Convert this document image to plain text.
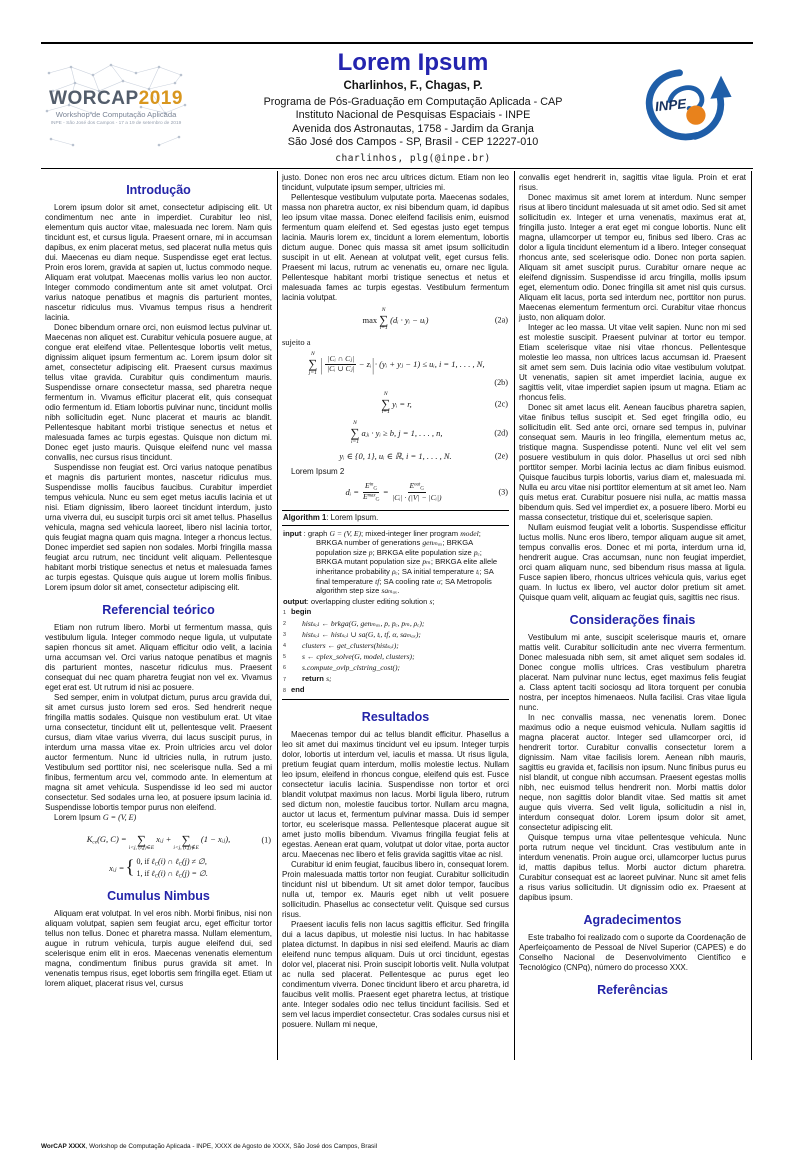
WORCAP2019
Workshop de Computação Aplicada
INPE - São José dos Campos - 17 a 19 de setembro de 2019
Lorem Ipsum
Charlinhos, F., Chagas, P.
Programa de Pós-Graduação em Computação Aplicada - CAP
Instituto Nacional de Pesquisas Espaciais - INPE
Avenida dos Astronautas, 1758 - Jardim da Granja
São José dos Campos - SP, Brasil - CEP 12227-010
charlinhos, plg(@inpe.br)
INPE
Introdução

Lorem ipsum dolor sit amet, consectetur adipiscing elit. Ut condimentum nec ante in imperdiet. Curabitur leo nisl, elementum quis auctor vitae, malesuada nec lorem. Nam quis tincidunt est, et cursus ligula. Praesent ornare, mi in accumsan dapibus, ex enim placerat metus, sed placerat nulla metus quis dui. Maecenas eu diam neque. Suspendisse eget erat lectus. Proin eros lorem, gravida at sapien ut, luctus commodo neque. Aliquam erat volutpat. Maecenas mollis varius leo non auctor. Integer commodo condimentum ante sit amet volutpat. Orci varius natoque penatibus et magnis dis parturient montes, nascetur ridiculus mus. Vivamus tempus risus a hendrerit lacinia.

Donec bibendum ornare orci, non euismod lectus pulvinar ut. Maecenas non aliquet est. Curabitur vehicula posuere augue, at congue erat eleifend vitae. Pellentesque lobortis velit metus, dignissim aliquet ipsum fermentum ac. Lorem ipsum dolor sit amet, consectetur adipiscing elit. Praesent cursus maximus tellus vitae gravida. Curabitur quis condimentum mauris. Suspendisse ornare consectetur massa, sed pharetra neque fermentum in. Vivamus efficitur placerat elit, quis consequat odio fermentum id. Etiam lobortis pulvinar nunc, tincidunt mollis nibh sollicitudin eget. Nunc placerat et mauris ac blandit. Pellentesque habitant morbi tristique senectus et netus et malesuada fames ac turpis egestas. Quisque non dictum mi. Donec eget justo mauris. Quisque eleifend nunc vel massa convallis, nec cursus risus tincidunt.

Suspendisse non feugiat est. Orci varius natoque penatibus et magnis dis parturient montes, nascetur ridiculus mus. Suspendisse mollis faucibus faucibus. Curabitur imperdiet tempus vehicula. Nunc eu sem eget metus iaculis lacinia et ut nisi. Etiam dignissim, libero laoreet tincidunt interdum, justo urna viverra dui, eu suscipit turpis orci sit amet tellus. Phasellus vehicula, magna sed vehicula laoreet, libero nisl lacinia tortor, quis feugiat magna quam quis magna. Integer a rhoncus lectus. Donec imperdiet sed sapien non sodales. Morbi fringilla massa feugiat arcu rutrum, nec tincidunt velit aliquam. Pellentesque habitant morbi tristique senectus et netus et malesuada fames ac turpis egestas. Quisque quis augue ut lorem mollis finibus. Lorem ipsum dolor sit amet, consectetur adipiscing elit.

Referencial teórico

Etiam non rutrum libero. Morbi ut fermentum massa, quis vestibulum ligula. Integer commodo neque ligula, ut vulputate sapien rhoncus sit amet. Aliquam efficitur odio velit, a lacinia urna accumsan vel. Orci varius natoque penatibus et magnis dis parturient montes, nascetur ridiculus mus. Praesent consequat dui nec quam pharetra feugiat non vel ex. Vivamus eget erat est. Ut rutrum id nisi ac posuere.

Sed semper, enim in volutpat dictum, purus arcu gravida dui, sit amet cursus justo lorem sed eros. Sed hendrerit neque fringilla mattis sodales. Quisque non vestibulum erat. Ut vitae urna consectetur, tincidunt elit ut, pellentesque velit. Praesent cursus, diam vitae varius viverra, dui lacus suscipit purus, in interdum urna massa vitae ex. Proin ultricies arcu vel dolor auctor fermentum. Nunc id ultricies nulla, in rutrum justo. Vestibulum sed porttitor nisi, nec scelerisque nulla. Sed a mi finibus, fermentum arcu vel, commodo ante. In elementum at magna sit amet vehicula. Suspendisse id leo sed mi auctor consectetur. Sed sodales urna leo, at posuere ipsum lacinia id. Suspendisse lobortis tempor purus non eleifend.

Lorem Ipsum G = (V, E)

Kce(G, C) = ∑
i<j, (i,j)∈E
xᵢⱼ + ∑
i<j, (i,j)∉E
(1 − xᵢⱼ),	(1)
xᵢⱼ = { 0, if ℓC(i) ∩ ℓC(j) ≠ ∅,
1, if ℓC(i) ∩ ℓC(j) = ∅.
Cumulus Nimbus

Aliquam erat volutpat. In vel eros nibh. Morbi finibus, nisi non aliquam volutpat, sapien sem feugiat arcu, eget efficitur tortor tellus non tellus. Donec et pharetra massa. Nullam elementum, augue in rutrum vehicula, turpis augue eleifend dui, sed scelerisque enim elit in eros. Maecenas venenatis elementum magna, condimentum finibus purus gravida sit amet. In venenatis tempus risus, eget lobortis sem fringilla eget. Etiam ut lorem aliquet, placerat risus vel, cursus

justo. Donec non eros nec arcu ultrices dictum. Etiam non leo tincidunt, vulputate ipsum semper, ultricies mi.

Pellentesque vestibulum vulputate porta. Maecenas sodales, massa non pharetra auctor, ex nisi bibendum quam, id dapibus leo ipsum vitae massa. Donec eleifend facilisis enim, euismod fermentum quam eleifend et. Sed egestas justo eget tempus lacinia. Mauris lorem ex, tincidunt a lorem elementum, lobortis dictum augue. Donec quis massa sit amet ipsum sollicitudin suscipit in ut elit. Aenean at volutpat velit, eget cursus felis. Praesent mi lacus, rutrum ac venenatis eu, ornare nec ligula. Pellentesque habitant morbi tristique senectus et netus et malesuada fames ac turpis egestas. Vestibulum fermentum lacinia volutpat.

max
N
∑
i=1
(dᵢ · yᵢ − uᵢ)	(2a)

sujeito a

N
∑
j=1 | $\frac{\text{|Cᵢ ∩ Cⱼ|}}{\text{|Cᵢ ∪ Cⱼ|}}$ − zᵢ | · (yᵢ + yⱼ − 1) ≤ uᵢ, i = 1, . . . , N,
(2b)
N
∑
i=1
yᵢ = r,	(2c)
N
∑
i=1
aⱼᵢ · yᵢ ≥ b, j = 1, . . . , n,	(2d)
yᵢ ∈ {0, 1}, uᵢ ∈ ℝ, i = 1, . . . , N.	(2e)

Lorem Ipsum 2

dᵢ = $\frac{E^{in}Cᵢ}{E^{max}Cᵢ} = \frac{E^{out}Cᵢ}{\text{|Cᵢ| · (|V| − |Cᵢ|)}}$	(3)
Algorithm 1: Lorem Ipsum.
input : graph G = (V, E); mixed-integer liner program model; BRKGA number of generations genₘₐₓ; BRKGA population size p; BRKGA elite population size pₑ; BRKGA mutant population size pₘ; BRKGA elite allele inheritance probability ρₑ; SA initial temperature tᵢ; SA final temperature tf; SA cooling rate α; SA Metropolis algorithm step size saₘₐₓ.
output: overlapping cluster editing solution s;
1 begin
2	histₛₒₗ ← brkga(G, genₘₐₓ, p, pₑ, pₘ, ρₑ);
3	histₛₒₗ ← histₛₒₗ ∪ sa(G, tᵢ, tf, α, saₘₐₓ);
4	clusters ← get_clusters(histₛₒₗ);
5	s ← cplex_solve(G, model, clusters);
6	s.compute_ovlp_clstring_cost();
7	return s;
8 end
Resultados

Maecenas tempor dui ac tellus blandit efficitur. Phasellus a leo sit amet dui maximus tincidunt vel eu ipsum. Integer turpis dolor, lobortis ut interdum vel, iaculis et massa. Ut risus ligula, pretium feugiat quam interdum, mollis molestie lectus. Nullam leo ipsum, eleifend in rhoncus congue, eleifend quis est. Fusce consectetur iaculis lacinia. Suspendisse non tortor et orci blandit volutpat maximus non lacus. Morbi ligula libero, rutrum sed dictum non, molestie faucibus tortor. Nullam arcu magna, auctor ut lacus et, fermentum pulvinar massa. Duis id semper tortor, eu scelerisque massa. Pellentesque placerat augue sit amet justo mollis bibendum. Vivamus fringilla feugiat felis at egestas. Aenean erat quam, volutpat ut dolor vitae, porta auctor arcu. Maecenas nec libero et felis gravida sagittis vitae ac nisl.

Curabitur id enim feugiat, faucibus libero in, consequat lorem. Proin malesuada mattis tortor non feugiat. Curabitur sollicitudin tincidunt nisl ut bibendum. Ut sit amet dolor tempor, faucibus nulla ut, tempor ex. Mauris eget nibh ut velit posuere sollicitudin. Phasellus ac consectetur velit. Quisque sed cursus risus.

Praesent iaculis felis non lacus sagittis efficitur. Sed fringilla dui a lacus dapibus, ut molestie nisi luctus. In hac habitasse platea dictumst. In dapibus in nisi sed eleifend. Mauris ac diam eleifend nunc tempus aliquam. Duis ut orci tincidunt, egestas dolor vel, placerat nisi. Proin suscipit lobortis velit. Nulla volutpat ac nulla sed placerat. Pellentesque ac purus eget leo condimentum viverra. Donec tincidunt libero et arcu pharetra, id faucibus velit mollis. Praesent eget pharetra lectus, at tristique ante. Integer sodales odio nec tellus tincidunt facilisis. Sed et sem vel lacus imperdiet consectetur. Cras sodales cursus nisi et posuere. Nullam mi neque,

convallis eget hendrerit in, sagittis vitae ligula. Proin et erat risus.

Donec maximus sit amet lorem at interdum. Nunc semper risus at libero tincidunt malesuada ut sit amet odio. Sed sit amet sollicitudin ex. Integer et urna venenatis, maximus erat at, fringilla justo. Integer a erat eget mi congue lobortis. Nunc elit magna, ullamcorper ut tempor eu, finibus sed libero. Cras ac dolor a ligula tincidunt elementum id a libero. Integer consequat rhoncus ante, sed scelerisque odio. Donec non porta sapien. Aliquam sit amet suscipit purus. Curabitur ornare neque ac eleifend dignissim. Suspendisse id arcu fringilla, mollis ipsum eget, elementum odio. Donec fringilla sit amet nisl quis cursus. Aliquam elit lacus, porta sed interdum nec, porttitor non purus. Maecenas elementum fermentum orci. Curabitur vitae rhoncus justo, non aliquam dolor.

Integer ac leo massa. Ut vitae velit sapien. Nunc non mi sed est molestie suscipit. Praesent pulvinar at tortor eu tempor. Etiam scelerisque vitae nisi vitae rhoncus. Pellentesque molestie leo massa, non ultrices lacus accumsan id. Praesent sit amet sem sem. Duis lacinia odio vitae vestibulum volutpat. Ut venenatis, sapien sit amet imperdiet lacinia, augue ex sagittis velit, vitae imperdiet sapien ipsum ut magna. Etiam ac rhoncus felis.

Donec sit amet lacus elit. Aenean faucibus pharetra sapien, vitae finibus tellus suscipit et. Sed eget fringilla odio, eu sollicitudin elit. Sed ante orci, ornare sed tempus in, pulvinar consequat sem. Mauris in leo fringilla, elementum metus ac, tristique magna. Suspendisse potenti. Nunc vel elit vel sem posuere vestibulum in quis dolor. Phasellus ut orci sed nibh porttitor semper. Morbi lacinia lectus ac diam finibus euismod. Quisque faucibus turpis lobortis, varius diam et, malesuada mi. Nulla eu arcu vitae nisi porttitor elementum at sit amet leo. Nam quis metus erat. Curabitur posuere nisi nulla, ac mattis massa bibendum quis. Sed vel imperdiet ex, a posuere libero. Morbi eu massa consectetur, tristique dui et, scelerisque sapien.

Nullam euismod feugiat velit a lobortis. Suspendisse efficitur luctus mollis. Nunc eros libero, tempor aliquam augue sit amet, tempus convallis eros. Donec et mi porta, interdum urna id, hendrerit augue. Cras accumsan, nunc non feugiat imperdiet, orci quam aliquam nunc, sed bibendum risus massa at ligula. Fusce sapien libero, rhoncus ultrices vehicula quis, varius eget quam. In luctus ex libero, vel auctor dolor pretium sit amet. Quisque quam velit, aliquam ac feugiat quis, sagittis nec risus.

Considerações finais

Vestibulum mi ante, suscipit scelerisque mauris et, ornare mattis velit. Curabitur sollicitudin ante nec viverra fermentum. Donec malesuada nibh sem, sit amet aliquet sem sodales id. Donec congue mollis ultrices. Cras vestibulum pharetra placerat. Nam pulvinar nunc lectus, eget maximus felis feugiat a. Class aptent taciti sociosqu ad litora torquent per conubia nostra, per inceptos himenaeos. Nulla facilisi. Cras vitae ligula nunc.

In nec convallis massa, nec venenatis lorem. Donec maximus odio a neque euismod vehicula. Nullam sagittis id magna placerat auctor. Integer sed ullamcorper orci, id hendrerit tortor. Curabitur convallis consectetur lorem a dignissim. Nam vitae facilisis lorem. Aenean nibh mauris, sagittis eu gravida et, facilisis non ipsum. Nunc finibus purus eu nisl blandit, ut congue nibh accumsan. Praesent egestas mollis nibh, nec euismod tellus hendrerit non. Morbi mattis dolor neque, non sagittis dolor blandit vitae. Sed mattis sit amet augue quis viverra. Sed velit ligula, sollicitudin a nisl in, interdum consequat dolor. Lorem ipsum dolor sit amet, consectetur adipiscing elit.

Quisque tempus urna vitae pellentesque vehicula. Nunc porta rutrum neque vel tincidunt. Cras vestibulum ante in interdum venenatis. Proin augue orci, ullamcorper luctus purus id, mattis dapibus tellus. Morbi auctor dictum pharetra. Curabitur consequat est ac laoreet pulvinar. Nunc sit amet felis a risus varius sollicitudin. Ut dignissim odio ex. Praesent at dapibus ipsum.

Agradecimentos

Este trabalho foi realizado com o suporte da Coordenação de Aperfeiçoamento de Pessoal de Nível Superior (CAPES) e do Conselho Nacional de Desenvolvimento Científico e Tecnológico (CNPq), número do processo XXX.

Referências
WorCAP XXXX, Workshop de Computação Aplicada - INPE, XXXX de Agosto de XXXX, São José dos Campos, Brasil
